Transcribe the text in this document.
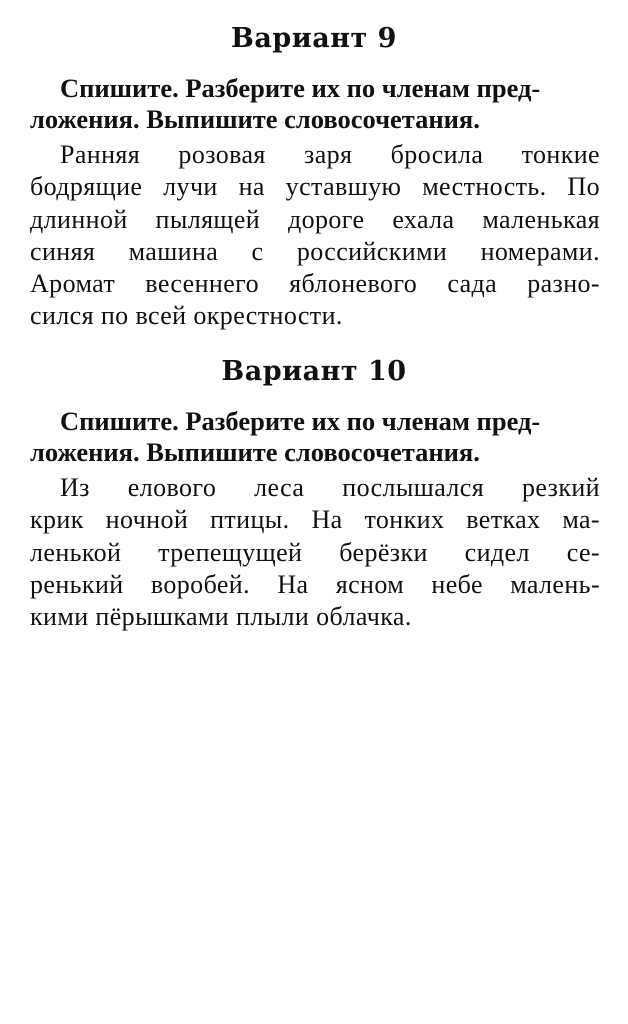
Вариант 9

Спишите. Разберите их по членам пред-
ложения. Выпишите словосочетания.

Ранняя розовая заря бросила тонкие
бодрящие лучи на уставшую местность. По
длинной пылящей дороге ехала маленькая
синяя машина с российскими номерами.
Аромат весеннего яблоневого сада разно-
сился по всей окрестности.

Вариант 10

Спишите. Разберите их по членам пред-
ложения. Выпишите словосочетания.

Из елового леса послышался резкий
крик ночной птицы. На тонких ветках ма-
ленькой трепещущей берёзки сидел се-
ренький воробей. На ясном небе малень-
кими пёрышками плыли облачка.
